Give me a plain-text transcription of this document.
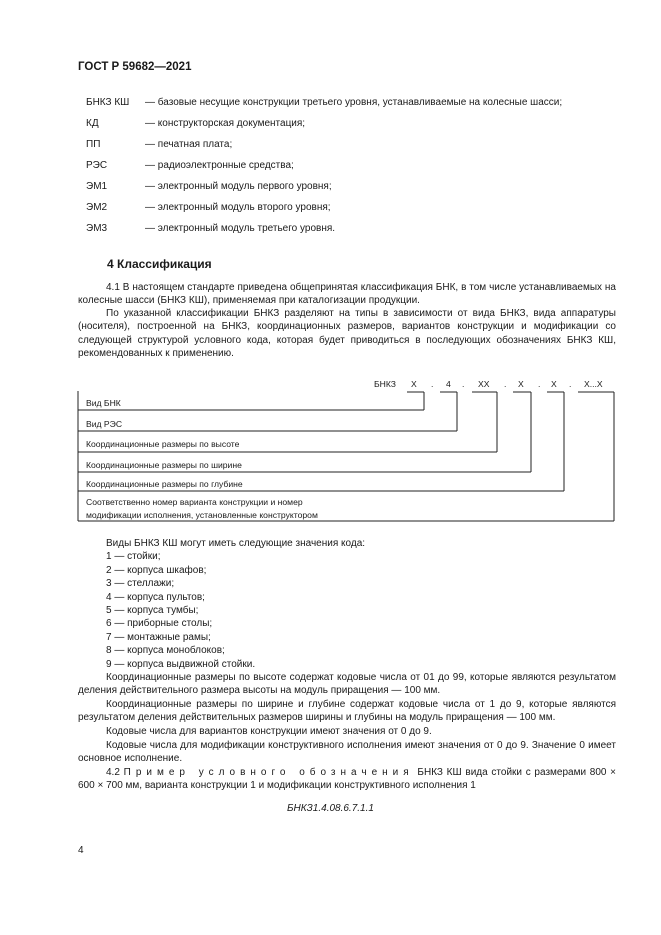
ГОСТ Р 59682—2021
БНКЗ КШ — базовые несущие конструкции третьего уровня, устанавливаемые на колесные шасси;
КД	— конструкторская документация;
ПП	— печатная плата;
РЭС	— радиоэлектронные средства;
ЭМ1	— электронный модуль первого уровня;
ЭМ2	— электронный модуль второго уровня;
ЭМ3	— электронный модуль третьего уровня.
4 Классификация
4.1 В настоящем стандарте приведена общепринятая классификация БНК, в том числе устанавливаемых на колесные шасси (БНКЗ КШ), применяемая при каталогизации продукции.
По указанной классификации БНКЗ разделяют на типы в зависимости от вида БНКЗ, вида аппаратуры (носителя), построенной на БНКЗ, координационных размеров, вариантов конструкции и модификации со следующей структурой условного кода, которая будет приводиться в последующих обозначениях БНКЗ КШ, рекомендованных к применению.
БНКЗ Х . 4 . ХХ . Х . Х . Х...Х
Вид БНК
Вид РЭС
Координационные размеры по высоте
Координационные размеры по ширине
Координационные размеры по глубине
Соответственно номер варианта конструкции и номер
модификации исполнения, установленные конструктором
Виды БНКЗ КШ могут иметь следующие значения кода:
1 — стойки;
2 — корпуса шкафов;
3 — стеллажи;
4 — корпуса пультов;
5 — корпуса тумбы;
6 — приборные столы;
7 — монтажные рамы;
8 — корпуса моноблоков;
9 — корпуса выдвижной стойки.
Координационные размеры по высоте содержат кодовые числа от 01 до 99, которые являются результатом деления действительного размера высоты на модуль приращения — 100 мм.
Координационные размеры по ширине и глубине содержат кодовые числа от 1 до 9, которые являются результатом деления действительных размеров ширины и глубины на модуль приращения — 100 мм.
Кодовые числа для вариантов конструкции имеют значения от 0 до 9.
Кодовые числа для модификации конструктивного исполнения имеют значения от 0 до 9. Значение 0 имеет основное исполнение.
4.2 Пример условного обозначения БНКЗ КШ вида стойки с размерами 800 × 600 × 700 мм, варианта конструкции 1 и модификации конструктивного исполнения 1
БНКЗ1.4.08.6.7.1.1
4
